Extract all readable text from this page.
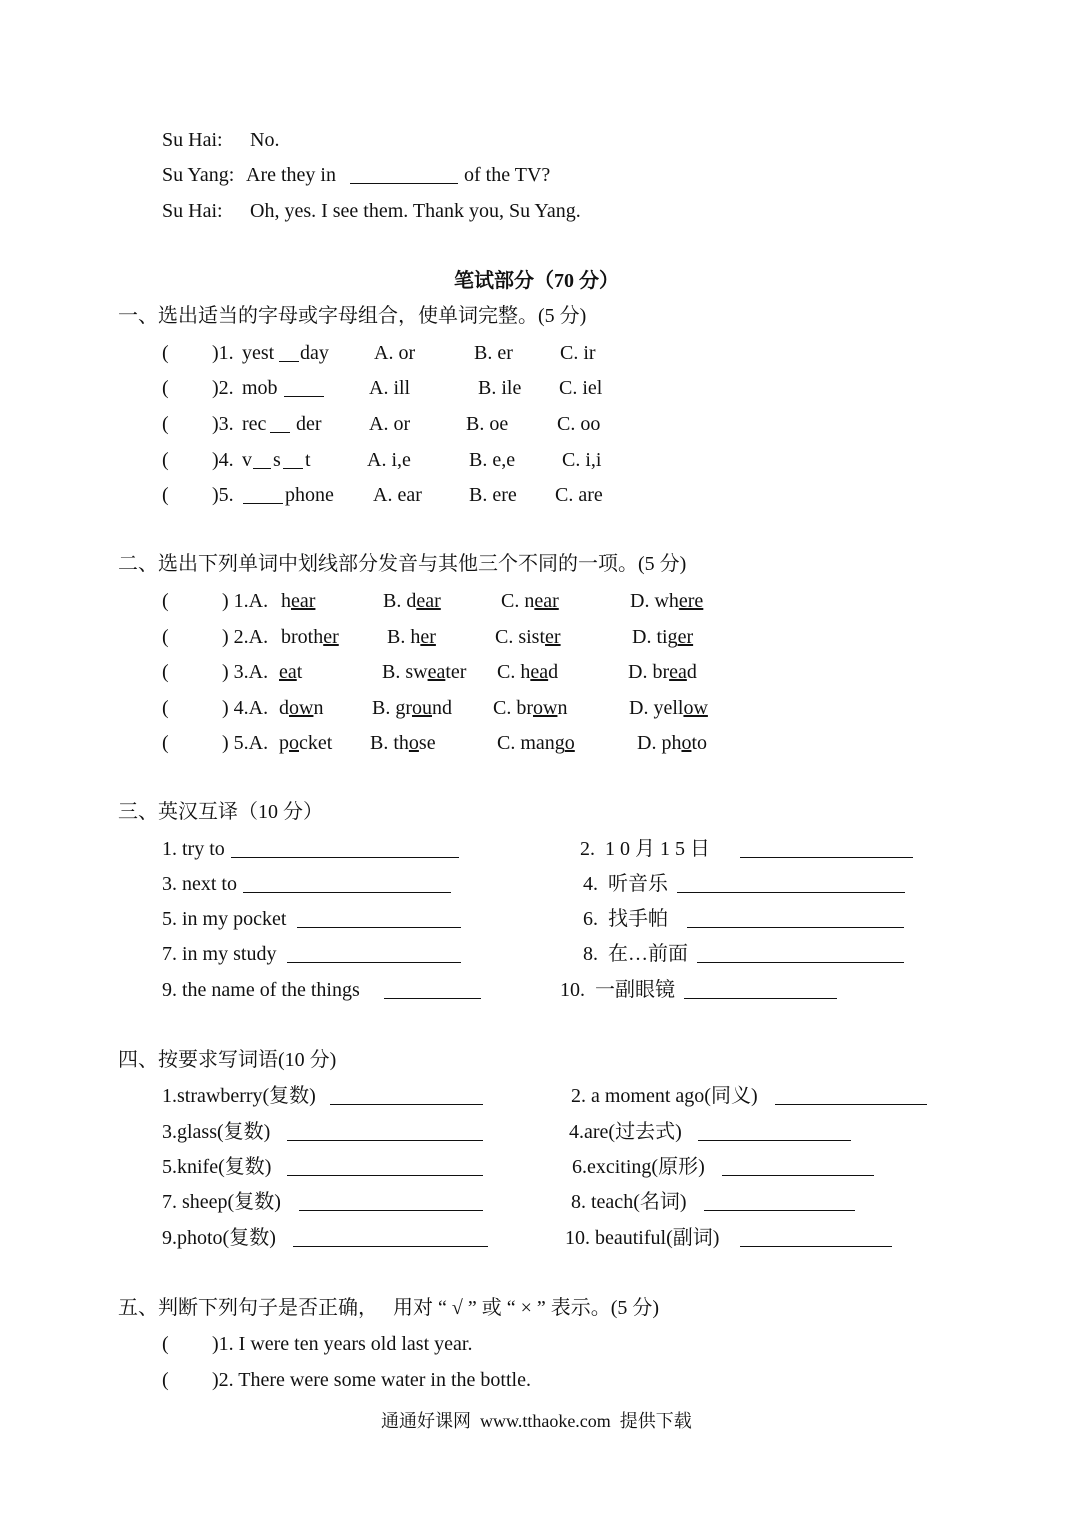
Su Hai: No.
Su Yang: Are they in	of the TV?
Su Hai: Oh, yes. I see them. Thank you, Su Yang.
笔试部分（70 分）
一、选出适当的字母或字母组合，使单词完整。(5 分)
( )1. yest day A. or	B. er C. ir
( )2. mob	A. ill	B. ile C. iel
( )3. rec der A. or	B. oe C. oo
( )4. v s t	A. i,e	B. e,e C. i,i
( )5.	phone A. ear B. ere C. are
二、选出下列单词中划线部分发音与其他三个不同的一项。(5 分)
(	) 1.A. hear	B. dear	C. near	D. where
(	) 2.A. brother B. her	C. sister	D. tiger
(	) 3.A. eat	B. sweater C. head	D. bread
(	) 4.A. down B. ground C. brown	D. yellow
(	) 5.A. pocket B. those	C. mango	D. photo
三、英汉互译（10 分）
1. try to	2.  1 0 月 1 5 日
3. next to	4.  听音乐
5. in my pocket	6.  找手帕
7. in my study	8.  在…前面
9. the name of the things	10.  一副眼镜
四、按要求写词语(10 分)
1.strawberry(复数)	2. a moment ago(同义)
3.glass(复数)	4.are(过去式)
5.knife(复数)	6.exciting(原形)
7. sheep(复数)	8. teach(名词)
9.photo(复数)	10. beautiful(副词)
五、判断下列句子是否正确，   用对 “ √ ” 或 “ × ” 表示。(5 分)
( )1. I were ten years old last year.
( )2. There were some water in the bottle.
通通好课网  www.tthaoke.com  提供下载
